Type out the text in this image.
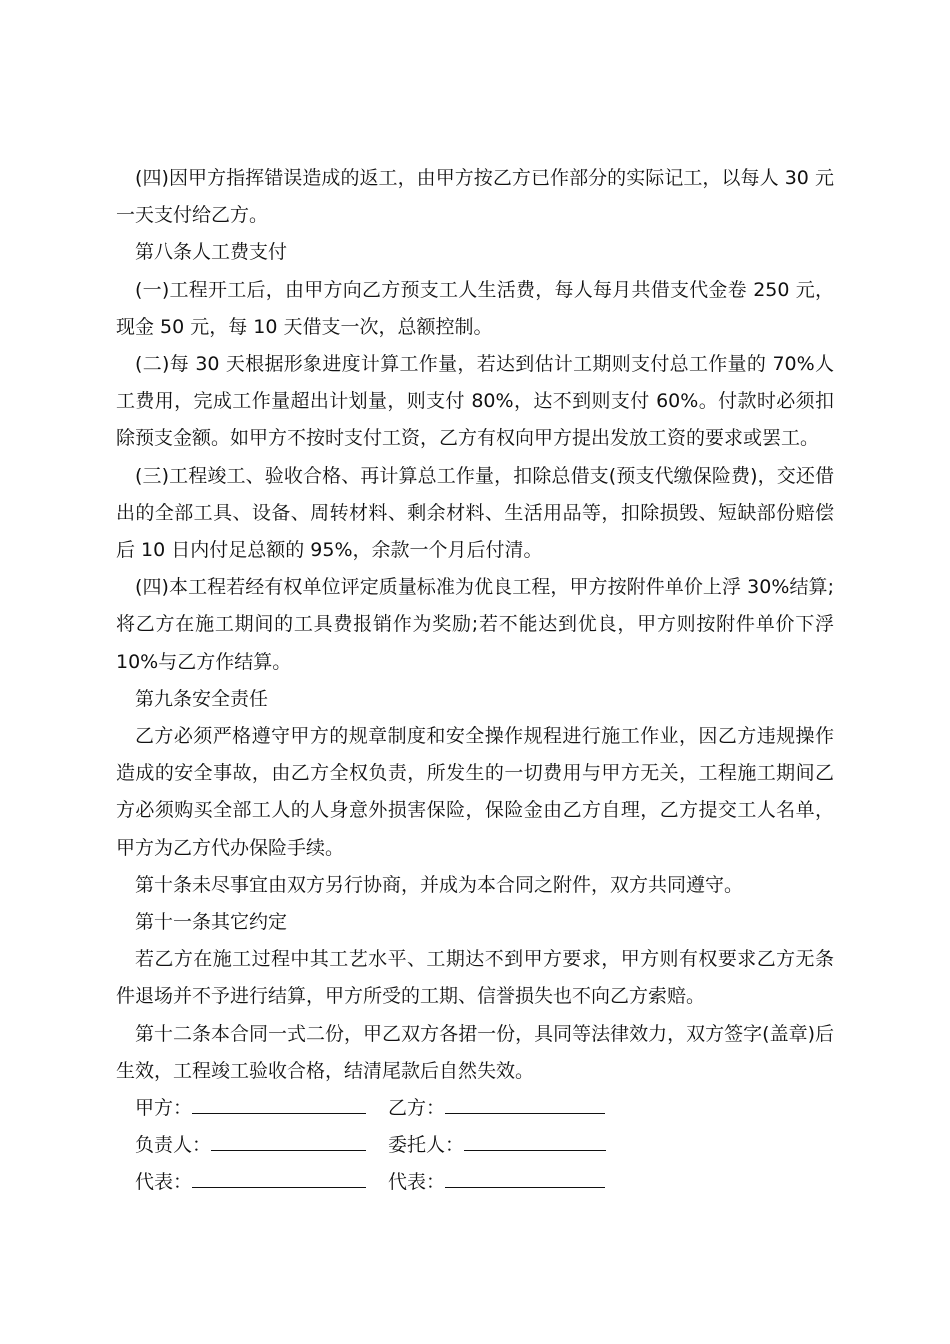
(四)因甲方指挥错误造成的返工，由甲方按乙方已作部分的实际记工，以每人 30 元一天支付给乙方。

第八条人工费支付

(一)工程开工后，由甲方向乙方预支工人生活费，每人每月共借支代金卷 250 元，现金 50 元，每 10 天借支一次，总额控制。

(二)每 30 天根据形象进度计算工作量，若达到估计工期则支付总工作量的 70%人工费用，完成工作量超出计划量，则支付 80%，达不到则支付 60%。付款时必须扣除预支金额。如甲方不按时支付工资，乙方有权向甲方提出发放工资的要求或罢工。

(三)工程竣工、验收合格、再计算总工作量，扣除总借支(预支代缴保险费)，交还借出的全部工具、设备、周转材料、剩余材料、生活用品等，扣除损毁、短缺部份赔偿后 10 日内付足总额的 95%，余款一个月后付清。

(四)本工程若经有权单位评定质量标准为优良工程，甲方按附件单价上浮 30%结算;将乙方在施工期间的工具费报销作为奖励;若不能达到优良，甲方则按附件单价下浮 10%与乙方作结算。

第九条安全责任

乙方必须严格遵守甲方的规章制度和安全操作规程进行施工作业，因乙方违规操作造成的安全事故，由乙方全权负责，所发生的一切费用与甲方无关，工程施工期间乙方必须购买全部工人的人身意外损害保险，保险金由乙方自理，乙方提交工人名单，甲方为乙方代办保险手续。

第十条未尽事宜由双方另行协商，并成为本合同之附件，双方共同遵守。

第十一条其它约定

若乙方在施工过程中其工艺水平、工期达不到甲方要求，甲方则有权要求乙方无条件退场并不予进行结算，甲方所受的工期、信誉损失也不向乙方索赔。

第十二条本合同一式二份，甲乙双方各捃一份，具同等法律效力，双方签字(盖章)后生效，工程竣工验收合格，结清尾款后自然失效。

甲方：	乙方：
负责人：	委托人：
代表：	代表：
